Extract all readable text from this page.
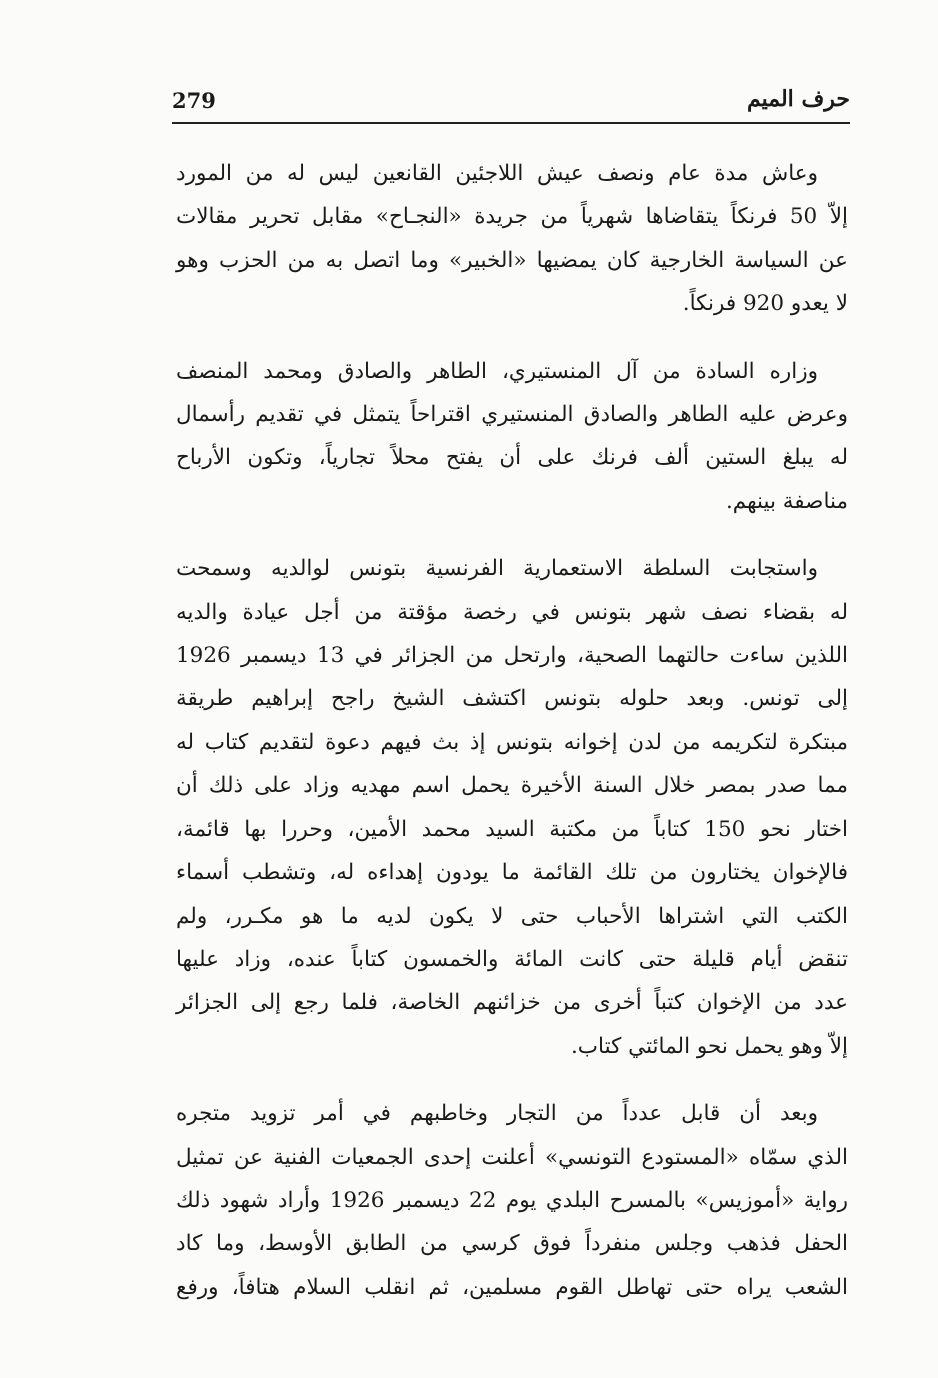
279	حرف الميم

وعاش مدة عام ونصف عيش اللاجئين القانعين ليس له من المورد
إلاّ 50 فرنكاً يتقاضاها شهرياً من جريدة «النجـاح» مقابل تحرير مقالات
عن السياسة الخارجية كان يمضيها «الخبير» وما اتصل به من الحزب وهو
لا يعدو 920 فرنكاً.

وزاره السادة من آل المنستيري، الطاهر والصادق ومحمد المنصف
وعرض عليه الطاهر والصادق المنستيري اقتراحاً يتمثل في تقديم رأسمال
له يبلغ الستين ألف فرنك على أن يفتح محلاً تجارياً، وتكون الأرباح
مناصفة بينهم.

واستجابت السلطة الاستعمارية الفرنسية بتونس لوالديه وسمحت
له بقضاء نصف شهر بتونس في رخصة مؤقتة من أجل عيادة والديه
اللذين ساءت حالتهما الصحية، وارتحل من الجزائر في 13 ديسمبر 1926
إلى تونس. وبعد حلوله بتونس اكتشف الشيخ راجح إبراهيم طريقة
مبتكرة لتكريمه من لدن إخوانه بتونس إذ بث فيهم دعوة لتقديم كتاب له
مما صدر بمصر خلال السنة الأخيرة يحمل اسم مهديه وزاد على ذلك أن
اختار نحو 150 كتاباً من مكتبة السيد محمد الأمين، وحررا بها قائمة،
فالإخوان يختارون من تلك القائمة ما يودون إهداءه له، وتشطب أسماء
الكتب التي اشتراها الأحباب حتى لا يكون لديه ما هو مكـرر، ولم
تنقض أيام قليلة حتى كانت المائة والخمسون كتاباً عنده، وزاد عليها
عدد من الإخوان كتباً أخرى من خزائنهم الخاصة، فلما رجع إلى الجزائر
إلاّ وهو يحمل نحو المائتي كتاب.

وبعد أن قابل عدداً من التجار وخاطبهم في أمر تزويد متجره
الذي سمّاه «المستودع التونسي» أعلنت إحدى الجمعيات الفنية عن تمثيل
رواية «أموزيس» بالمسرح البلدي يوم 22 ديسمبر 1926 وأراد شهود ذلك
الحفل فذهب وجلس منفرداً فوق كرسي من الطابق الأوسط، وما كاد
الشعب يراه حتى تهاطل القوم مسلمين، ثم انقلب السلام هتافاً، ورفع
